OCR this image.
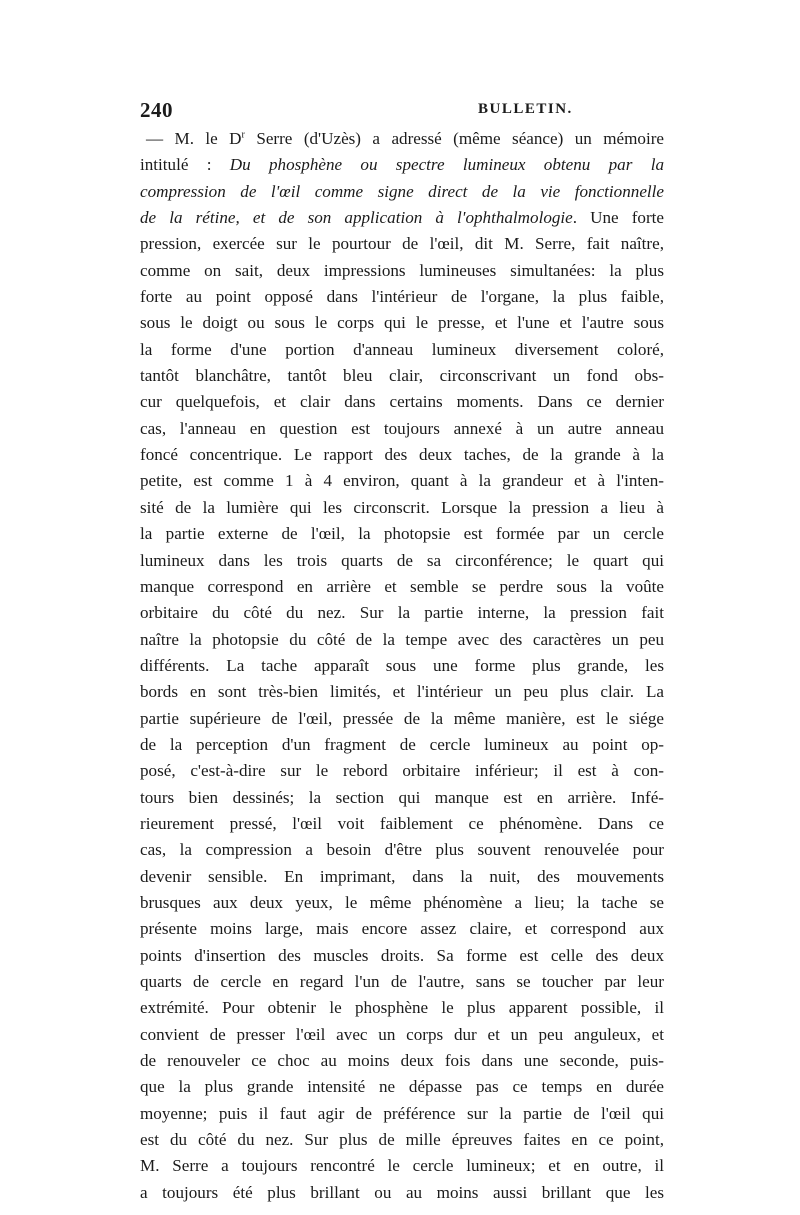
240	BULLETIN.
— M. le $D^r$ Serre (d'Uzès) a adressé (même séance) un mémoire
intitulé : Du phosphène ou spectre lumineux obtenu par la
compression de l'œil comme signe direct de la vie fonctionnelle
de la rétine, et de son application à l'ophthalmologie. Une forte
pression, exercée sur le pourtour de l'œil, dit M. Serre, fait naître,
comme on sait, deux impressions lumineuses simultanées: la plus
forte au point opposé dans l'intérieur de l'organe, la plus faible,
sous le doigt ou sous le corps qui le presse, et l'une et l'autre sous
la forme d'une portion d'anneau lumineux diversement coloré,
tantôt blanchâtre, tantôt bleu clair, circonscrivant un fond obs-
cur quelquefois, et clair dans certains moments. Dans ce dernier
cas, l'anneau en question est toujours annexé à un autre anneau
foncé concentrique. Le rapport des deux taches, de la grande à la
petite, est comme 1 à 4 environ, quant à la grandeur et à l'inten-
sité de la lumière qui les circonscrit. Lorsque la pression a lieu à
la partie externe de l'œil, la photopsie est formée par un cercle
lumineux dans les trois quarts de sa circonférence; le quart qui
manque correspond en arrière et semble se perdre sous la voûte
orbitaire du côté du nez. Sur la partie interne, la pression fait
naître la photopsie du côté de la tempe avec des caractères un peu
différents. La tache apparaît sous une forme plus grande, les
bords en sont très-bien limités, et l'intérieur un peu plus clair. La
partie supérieure de l'œil, pressée de la même manière, est le siége
de la perception d'un fragment de cercle lumineux au point op-
posé, c'est-à-dire sur le rebord orbitaire inférieur; il est à con-
tours bien dessinés; la section qui manque est en arrière. Infé-
rieurement pressé, l'œil voit faiblement ce phénomène. Dans ce
cas, la compression a besoin d'être plus souvent renouvelée pour
devenir sensible. En imprimant, dans la nuit, des mouvements
brusques aux deux yeux, le même phénomène a lieu; la tache se
présente moins large, mais encore assez claire, et correspond aux
points d'insertion des muscles droits. Sa forme est celle des deux
quarts de cercle en regard l'un de l'autre, sans se toucher par leur
extrémité. Pour obtenir le phosphène le plus apparent possible, il
convient de presser l'œil avec un corps dur et un peu anguleux, et
de renouveler ce choc au moins deux fois dans une seconde, puis-
que la plus grande intensité ne dépasse pas ce temps en durée
moyenne; puis il faut agir de préférence sur la partie de l'œil qui
est du côté du nez. Sur plus de mille épreuves faites en ce point,
M. Serre a toujours rencontré le cercle lumineux; et en outre, il
a toujours été plus brillant ou au moins aussi brillant que les
